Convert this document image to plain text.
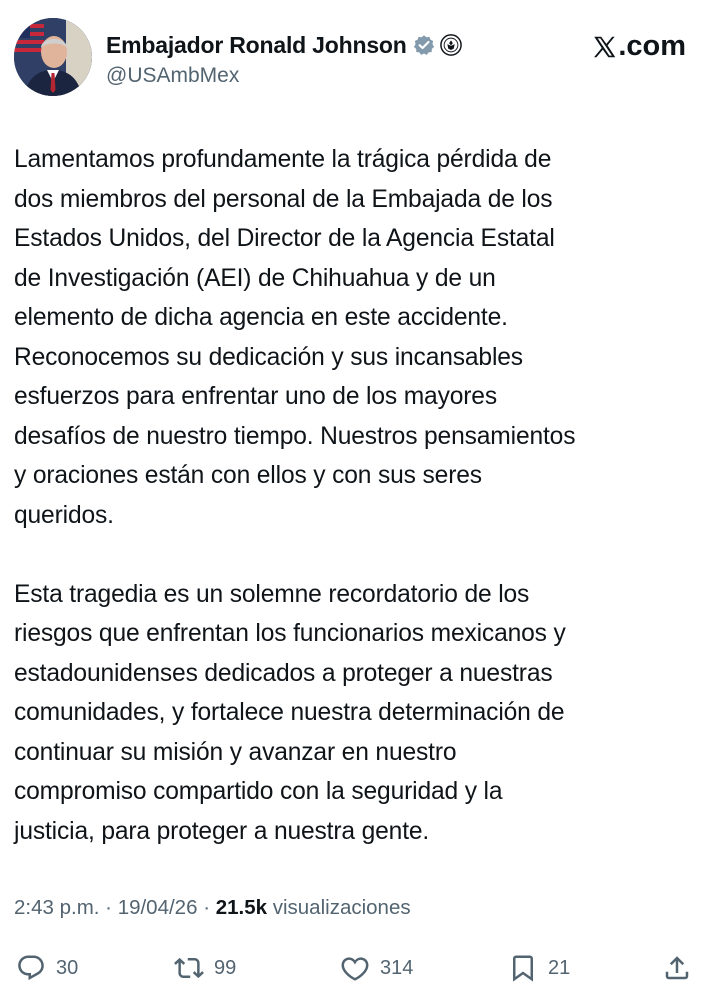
Embajador Ronald Johnson
@USAmbMex
.com

Lamentamos profundamente la trágica pérdida de
dos miembros del personal de la Embajada de los
Estados Unidos, del Director de la Agencia Estatal
de Investigación (AEI) de Chihuahua y de un
elemento de dicha agencia en este accidente.
Reconocemos su dedicación y sus incansables
esfuerzos para enfrentar uno de los mayores
desafíos de nuestro tiempo. Nuestros pensamientos
y oraciones están con ellos y con sus seres
queridos.

Esta tragedia es un solemne recordatorio de los
riesgos que enfrentan los funcionarios mexicanos y
estadounidenses dedicados a proteger a nuestras
comunidades, y fortalece nuestra determinación de
continuar su misión y avanzar en nuestro
compromiso compartido con la seguridad y la
justicia, para proteger a nuestra gente.

2:43 p.m. · 19/04/26 · 21.5k visualizaciones
30	99	314	21
